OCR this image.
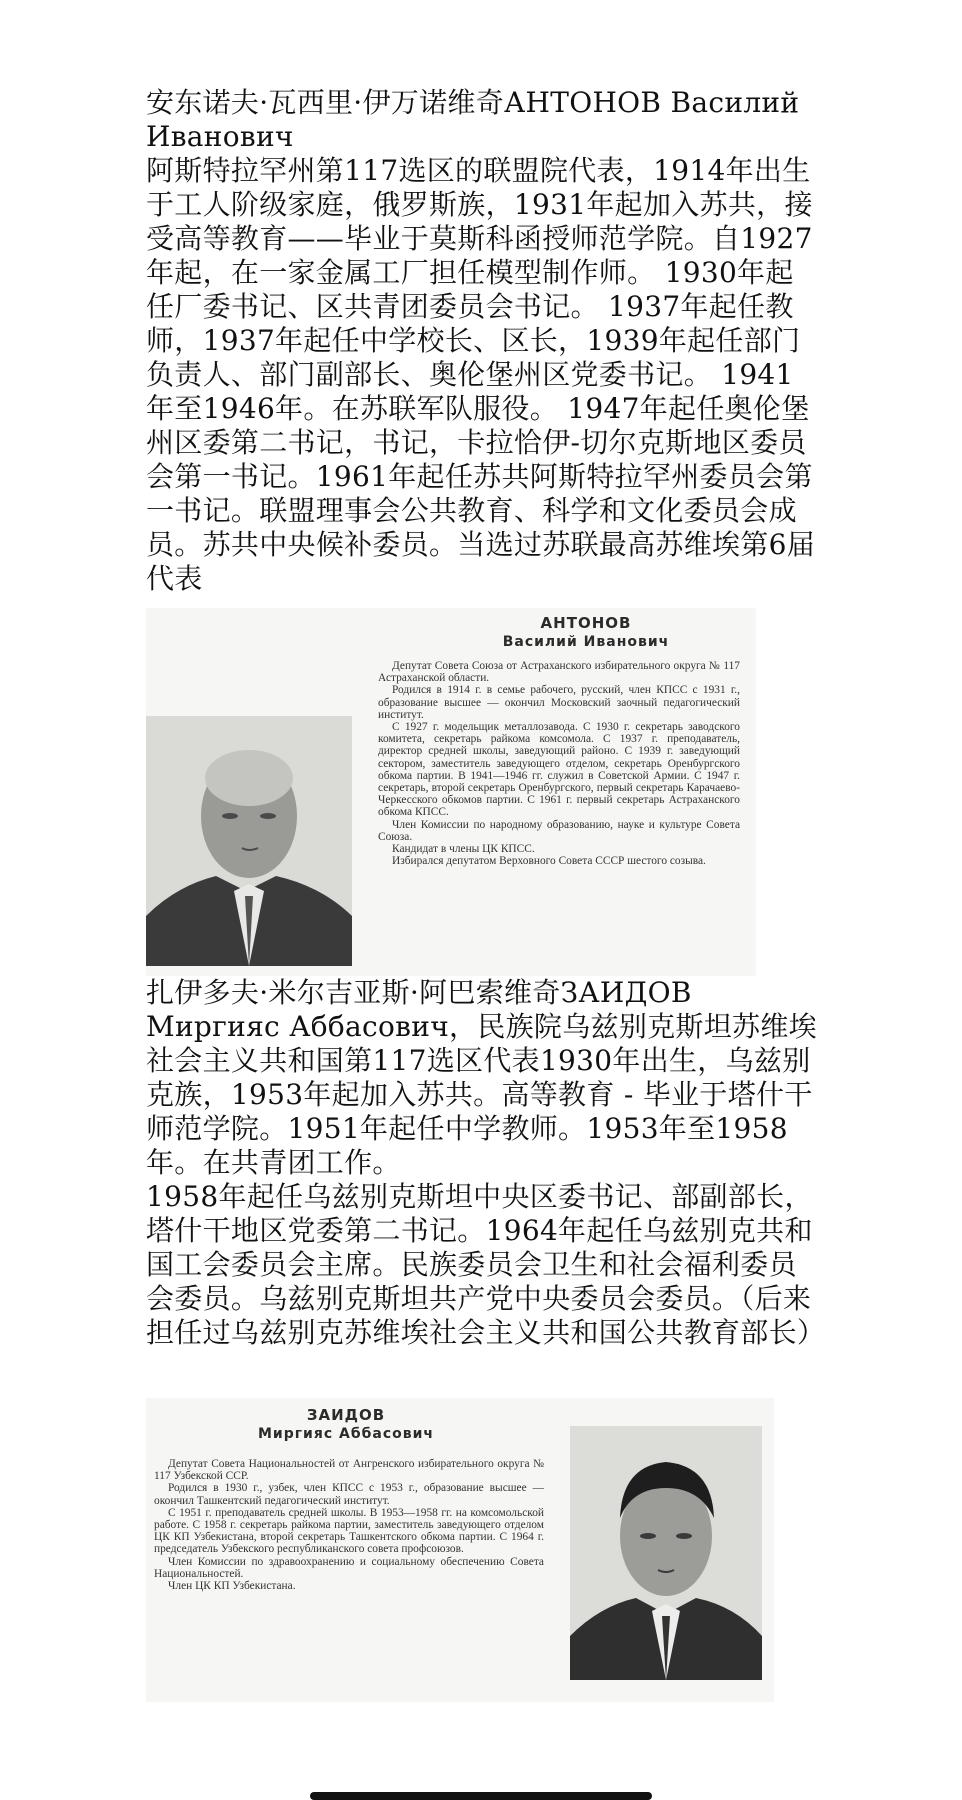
安东诺夫·瓦西里·伊万诺维奇АНТОНОВ Василий Иванович

阿斯特拉罕州第117选区的联盟院代表，1914年出生于工人阶级家庭，俄罗斯族，1931年起加入苏共，接受高等教育——毕业于莫斯科函授师范学院。自1927 年起，在一家金属工厂担任模型制作师。 1930年起任厂委书记、区共青团委员会书记。 1937年起任教师，1937年起任中学校长、区长，1939年起任部门负责人、部门副部长、奥伦堡州区党委书记。 1941年至1946年。在苏联军队服役。 1947年起任奥伦堡州区委第二书记，书记，卡拉恰伊-切尔克斯地区委员会第一书记。1961年起任苏共阿斯特拉罕州委员会第一书记。联盟理事会公共教育、科学和文化委员会成员。苏共中央候补委员。当选过苏联最高苏维埃第6届代表

АНТОНОВ
Василий Иванович

Депутат Совета Союза от Астраханского избирательного округа № 117 Астраханской области.

Родился в 1914 г. в семье рабочего, русский, член КПСС с 1931 г., образование высшее — окончил Московский заочный педагогический институт.

С 1927 г. модельщик металлозавода. С 1930 г. секретарь заводского комитета, секретарь райкома комсомола. С 1937 г. преподаватель, директор средней школы, заведующий районо. С 1939 г. заведующий сектором, заместитель заведующего отделом, секретарь Оренбургского обкома партии. В 1941—1946 гг. служил в Советской Армии. С 1947 г. секретарь, второй секретарь Оренбургского, первый секретарь Карачаево-Черкесского обкомов партии. С 1961 г. первый секретарь Астраханского обкома КПСС.

Член Комиссии по народному образованию, науке и культуре Совета Союза.

Кандидат в члены ЦК КПСС.

Избирался депутатом Верховного Совета СССР шестого созыва.

扎伊多夫·米尔吉亚斯·阿巴索维奇ЗАИДОВ Миргияс Аббасович，民族院乌兹别克斯坦苏维埃社会主义共和国第117选区代表1930年出生，乌兹别克族，1953年起加入苏共。高等教育 - 毕业于塔什干师范学院。1951年起任中学教师。1953年至1958年。在共青团工作。

1958年起任乌兹别克斯坦中央区委书记、部副部长，塔什干地区党委第二书记。1964年起任乌兹别克共和国工会委员会主席。民族委员会卫生和社会福利委员会委员。乌兹别克斯坦共产党中央委员会委员。（后来担任过乌兹别克苏维埃社会主义共和国公共教育部长）

ЗАИДОВ
Миргияс Аббасович

Депутат Совета Национальностей от Ангренского избирательного округа № 117 Узбекской ССР.

Родился в 1930 г., узбек, член КПСС с 1953 г., образование высшее — окончил Ташкентский педагогический институт.

С 1951 г. преподаватель средней школы. В 1953—1958 гг. на комсомольской работе. С 1958 г. секретарь райкома партии, заместитель заведующего отделом ЦК КП Узбекистана, второй секретарь Ташкентского обкома партии. С 1964 г. председатель Узбекского республиканского совета профсоюзов.

Член Комиссии по здравоохранению и социальному обеспечению Совета Национальностей.

Член ЦК КП Узбекистана.
